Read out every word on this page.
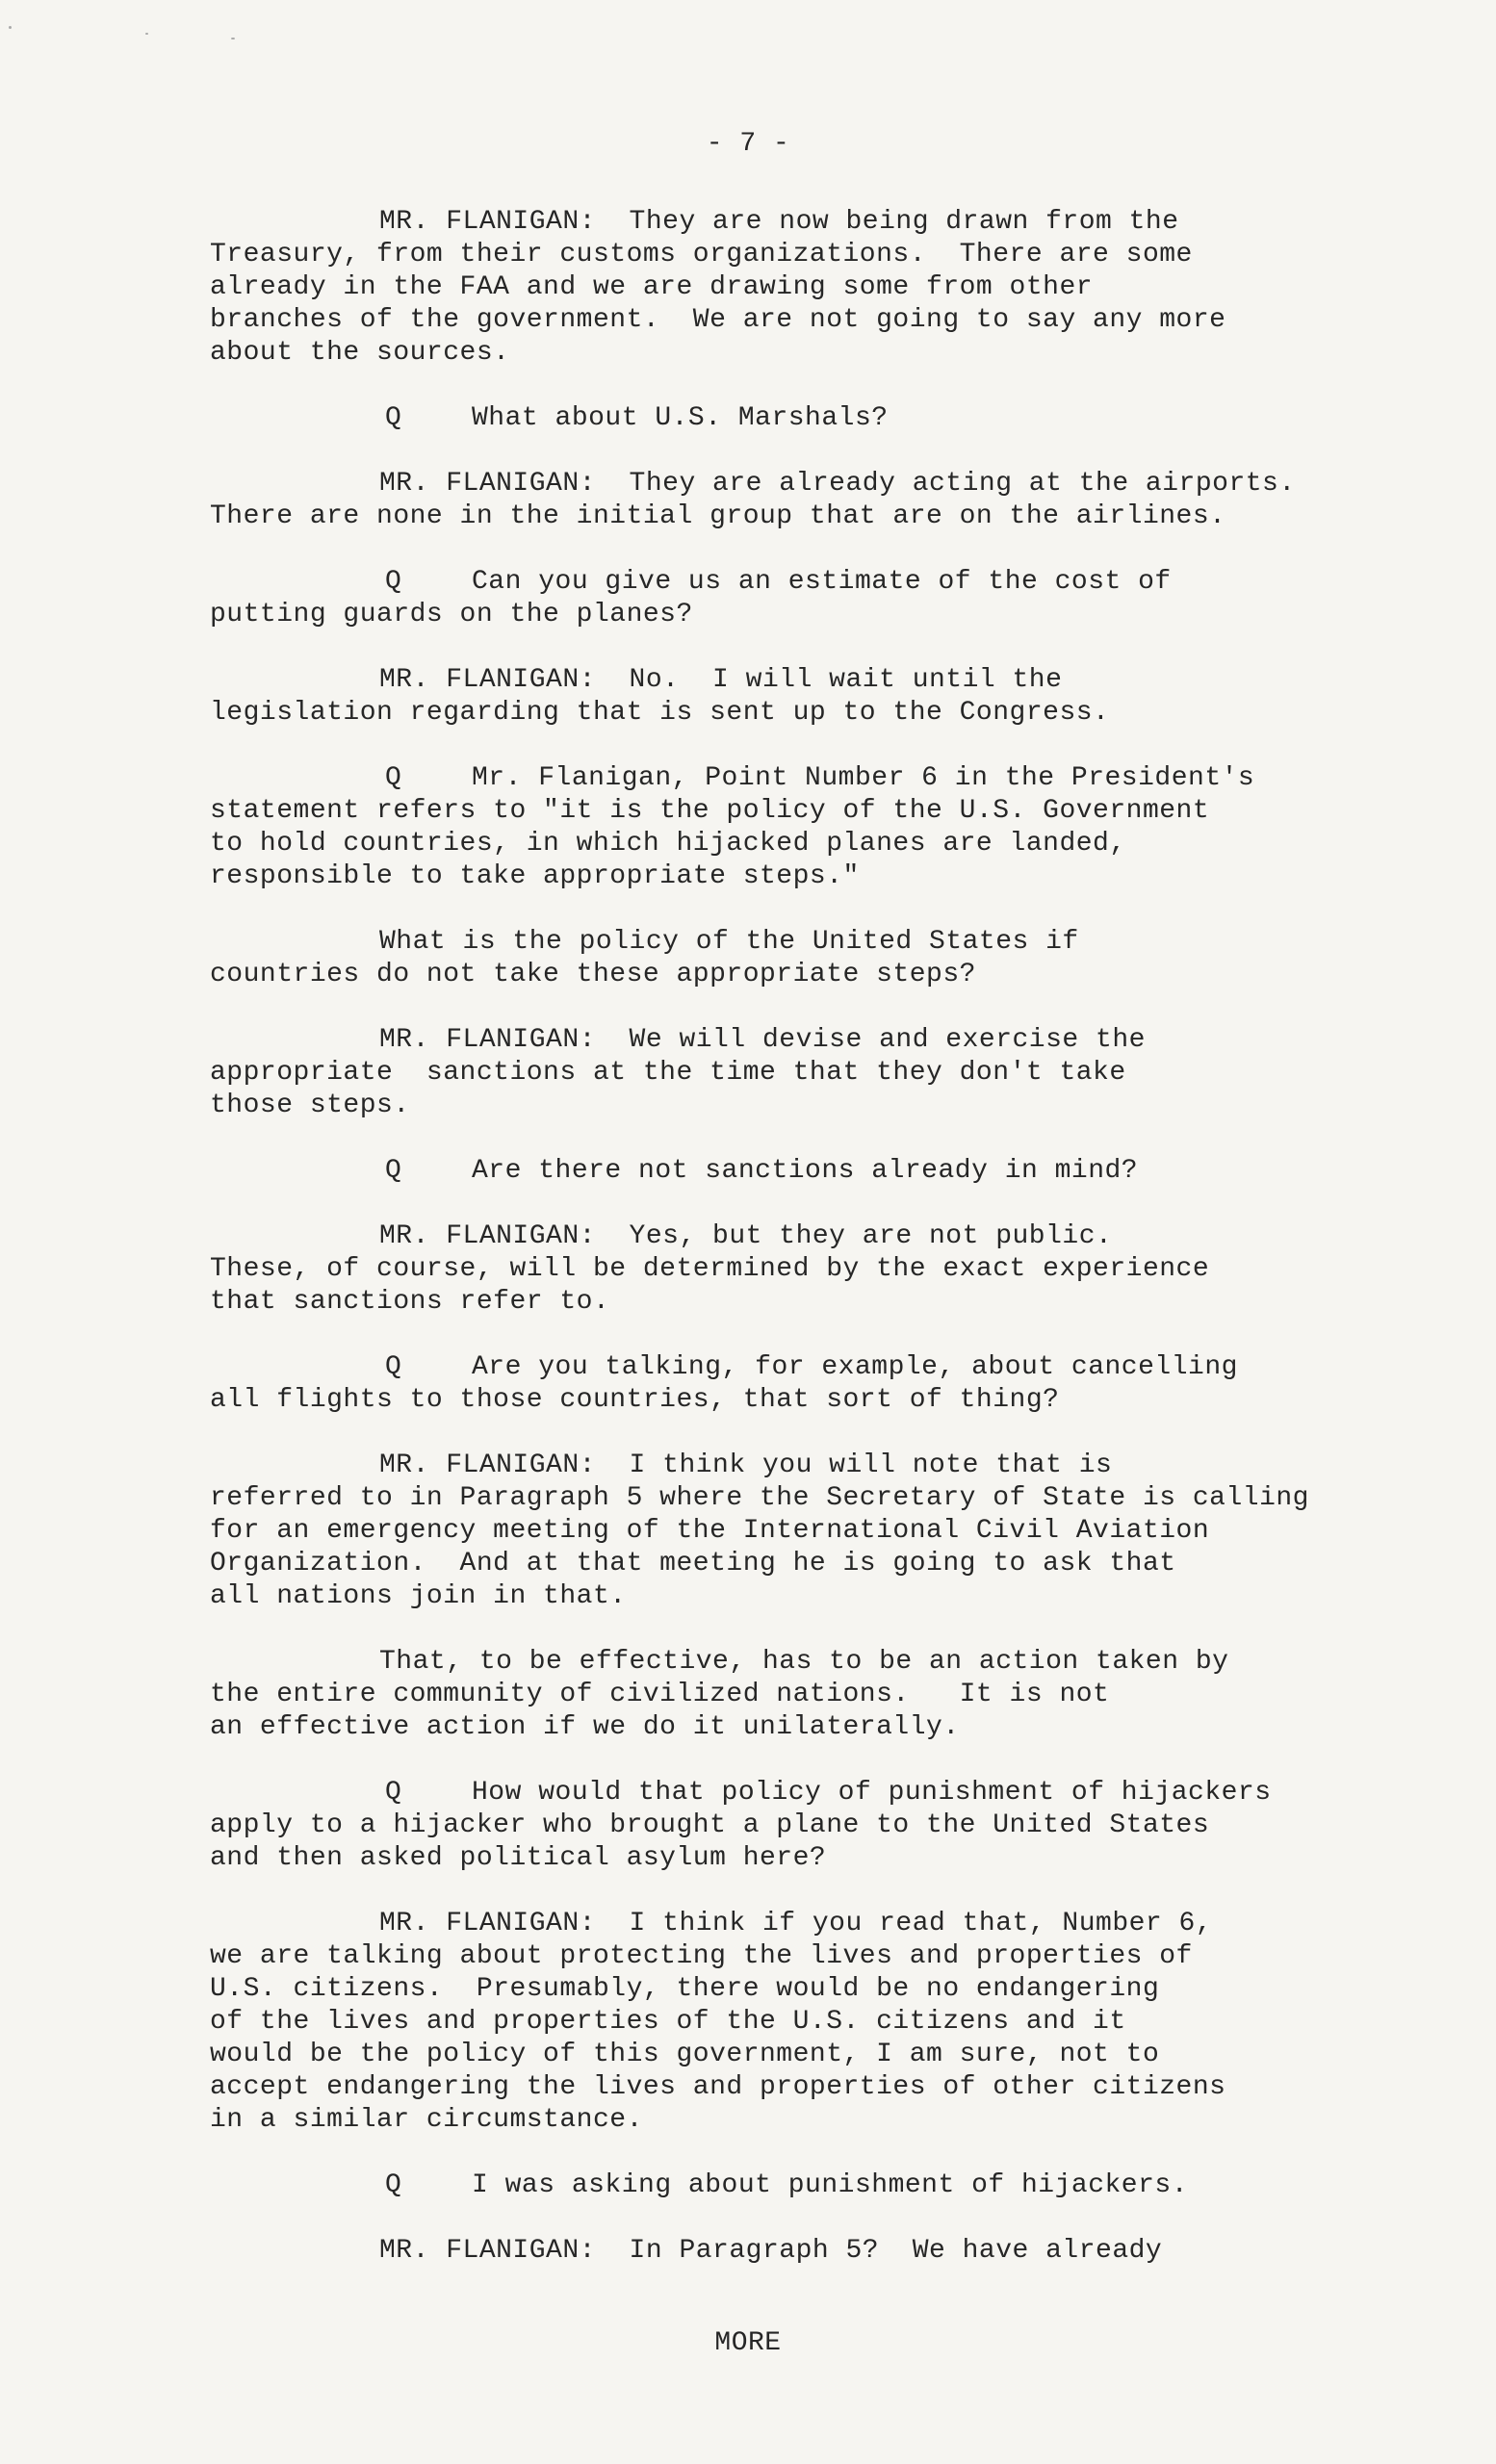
- 7 -
MR. FLANIGAN:  They are now being drawn from the
Treasury, from their customs organizations.  There are some
already in the FAA and we are drawing some from other
branches of the government.  We are not going to say any more
about the sources.
Q	What about U.S. Marshals?
MR. FLANIGAN:  They are already acting at the airports.
There are none in the initial group that are on the airlines.
Q	Can you give us an estimate of the cost of
putting guards on the planes?
MR. FLANIGAN:  No.  I will wait until the
legislation regarding that is sent up to the Congress.
Q	Mr. Flanigan, Point Number 6 in the President's
statement refers to "it is the policy of the U.S. Government
to hold countries, in which hijacked planes are landed,
responsible to take appropriate steps."
What is the policy of the United States if
countries do not take these appropriate steps?
MR. FLANIGAN:  We will devise and exercise the
appropriate  sanctions at the time that they don't take
those steps.
Q	Are there not sanctions already in mind?
MR. FLANIGAN:  Yes, but they are not public.
These, of course, will be determined by the exact experience
that sanctions refer to.
Q	Are you talking, for example, about cancelling
all flights to those countries, that sort of thing?
MR. FLANIGAN:  I think you will note that is
referred to in Paragraph 5 where the Secretary of State is calling
for an emergency meeting of the International Civil Aviation
Organization.  And at that meeting he is going to ask that
all nations join in that.
That, to be effective, has to be an action taken by
the entire community of civilized nations.   It is not
an effective action if we do it unilaterally.
Q	How would that policy of punishment of hijackers
apply to a hijacker who brought a plane to the United States
and then asked political asylum here?
MR. FLANIGAN:  I think if you read that, Number 6,
we are talking about protecting the lives and properties of
U.S. citizens.  Presumably, there would be no endangering
of the lives and properties of the U.S. citizens and it
would be the policy of this government, I am sure, not to
accept endangering the lives and properties of other citizens
in a similar circumstance.
Q	I was asking about punishment of hijackers.
MR. FLANIGAN:  In Paragraph 5?  We have already
MORE
